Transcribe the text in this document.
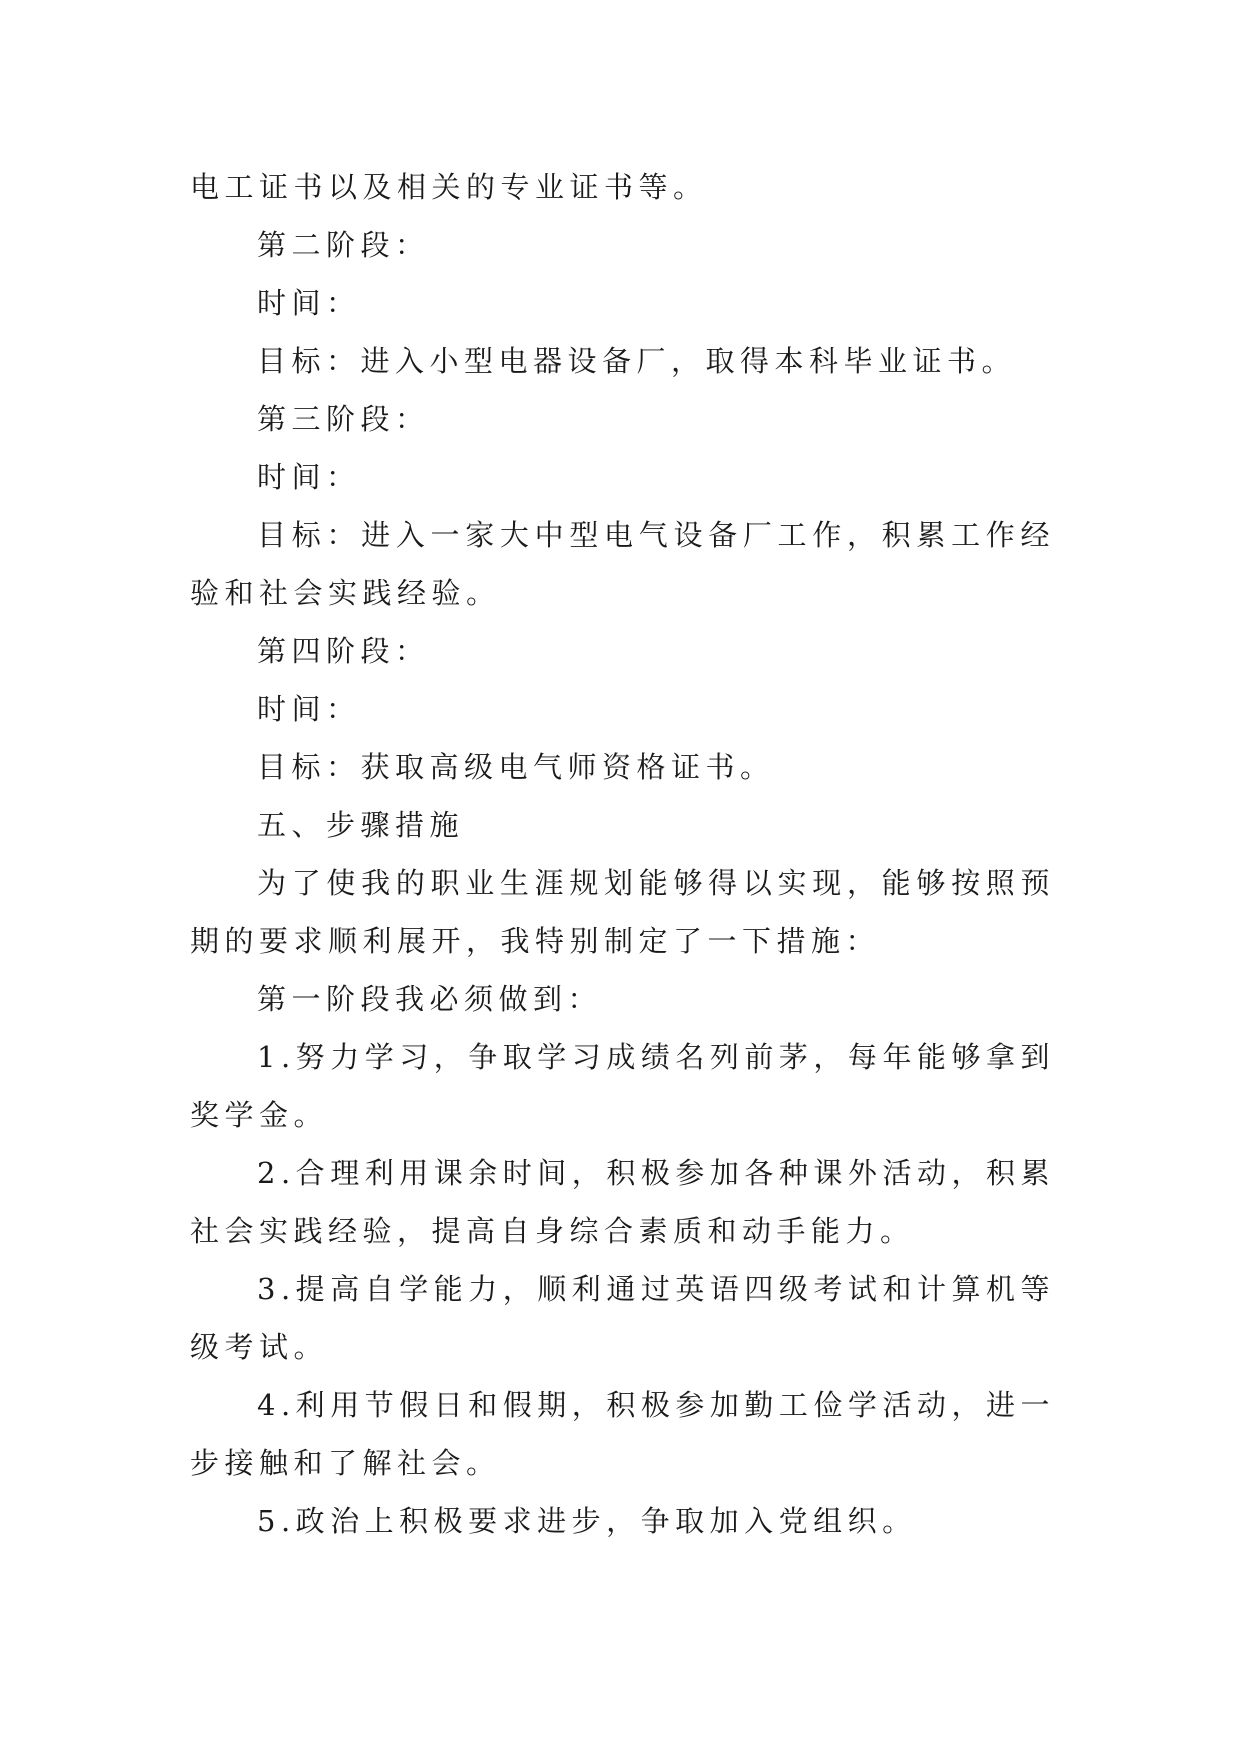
电工证书以及相关的专业证书等。

第二阶段：

时间：

目标：进入小型电器设备厂，取得本科毕业证书。

第三阶段：

时间：

目标：进入一家大中型电气设备厂工作，积累工作经验和社会实践经验。

第四阶段：

时间：

目标：获取高级电气师资格证书。

五、步骤措施

为了使我的职业生涯规划能够得以实现，能够按照预期的要求顺利展开，我特别制定了一下措施：

第一阶段我必须做到：

1.努力学习，争取学习成绩名列前茅，每年能够拿到奖学金。

2.合理利用课余时间，积极参加各种课外活动，积累社会实践经验，提高自身综合素质和动手能力。

3.提高自学能力，顺利通过英语四级考试和计算机等级考试。

4.利用节假日和假期，积极参加勤工俭学活动，进一步接触和了解社会。

5.政治上积极要求进步，争取加入党组织。
